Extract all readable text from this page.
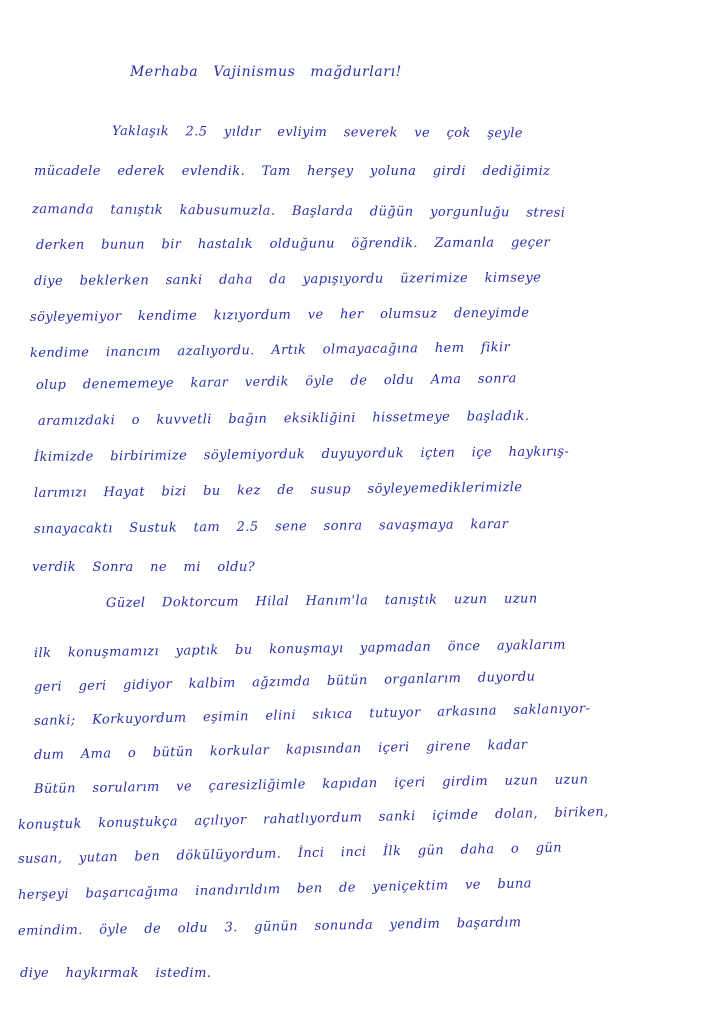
Merhaba Vajinismus mağdurları!

Yaklaşık 2.5 yıldır evliyim severek ve çok şeyle

mücadele ederek evlendik. Tam herşey yoluna girdi dediğimiz

zamanda tanıştık kabusumuzla. Başlarda düğün yorgunluğu stresi

derken bunun bir hastalık olduğunu öğrendik. Zamanla geçer

diye beklerken sanki daha da yapışıyordu üzerimize kimseye

söyleyemiyor kendime kızıyordum ve her olumsuz deneyimde

kendime inancım azalıyordu. Artık olmayacağına hem fikir

olup denememeye karar verdik öyle de oldu Ama sonra

aramızdaki o kuvvetli bağın eksikliğini hissetmeye başladık.

İkimizde birbirimize söylemiyorduk duyuyorduk içten içe haykırış-

larımızı Hayat bizi bu kez de susup söyleyemediklerimizle

sınayacaktı Sustuk tam 2.5 sene sonra savaşmaya karar

verdik Sonra ne mi oldu?

Güzel Doktorcum Hilal Hanım'la tanıştık uzun uzun

ilk konuşmamızı yaptık bu konuşmayı yapmadan önce ayaklarım

geri geri gidiyor kalbim ağzımda bütün organlarım duyordu

sanki; Korkuyordum eşimin elini sıkıca tutuyor arkasına saklanıyor-

dum Ama o bütün korkular kapısından içeri girene kadar

Bütün sorularım ve çaresizliğimle kapıdan içeri girdim uzun uzun

konuştuk konuştukça açılıyor rahatlıyordum sanki içimde dolan, biriken,

susan, yutan ben dökülüyordum. İnci inci İlk gün daha o gün

herşeyi başarıcağıma inandırıldım ben de yeniçektim ve buna

emindim. öyle de oldu 3. günün sonunda yendim başardım

diye haykırmak istedim.
